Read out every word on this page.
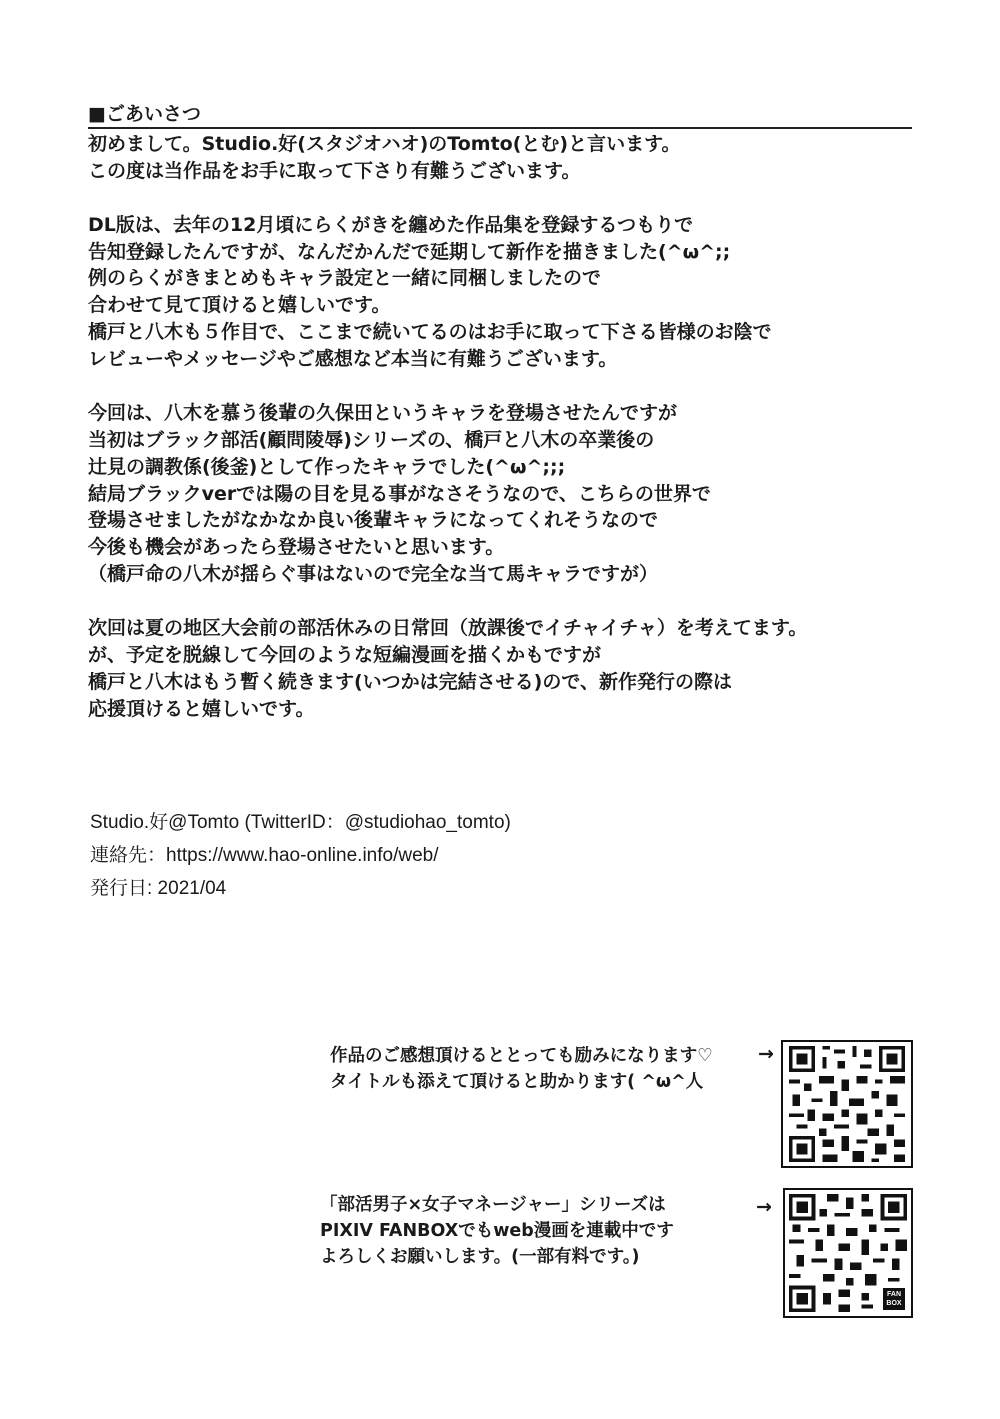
■ごあいさつ
初めまして。Studio.好(スタジオハオ)のTomto(とむ)と言います。
この度は当作品をお手に取って下さり有難うございます。
DL版は、去年の12月頃にらくがきを纏めた作品集を登録するつもりで
告知登録したんですが、なんだかんだで延期して新作を描きました(^ω^;;
例のらくがきまとめもキャラ設定と一緒に同梱しましたので
合わせて見て頂けると嬉しいです。
橋戸と八木も５作目で、ここまで続いてるのはお手に取って下さる皆様のお陰で
レビューやメッセージやご感想など本当に有難うございます。
今回は、八木を慕う後輩の久保田というキャラを登場させたんですが
当初はブラック部活(顧問陵辱)シリーズの、橋戸と八木の卒業後の
辻見の調教係(後釜)として作ったキャラでした(^ω^;;;
結局ブラックverでは陽の目を見る事がなさそうなので、こちらの世界で
登場させましたがなかなか良い後輩キャラになってくれそうなので
今後も機会があったら登場させたいと思います。
（橋戸命の八木が揺らぐ事はないので完全な当て馬キャラですが）
次回は夏の地区大会前の部活休みの日常回（放課後でイチャイチャ）を考えてます。
が、予定を脱線して今回のような短編漫画を描くかもですが
橋戸と八木はもう暫く続きます(いつかは完結させる)ので、新作発行の際は
応援頂けると嬉しいです。
Studio.好@Tomto (TwitterID：@studiohao_tomto)
連絡先：https://www.hao-online.info/web/
発行日: 2021/04
作品のご感想頂けるととっても励みになります♡
タイトルも添えて頂けると助かります( ^ω^人
→
「部活男子×女子マネージャー」シリーズは
PIXIV FANBOXでもweb漫画を連載中です
よろしくお願いします。(一部有料です。)
→
FAN
BOX
